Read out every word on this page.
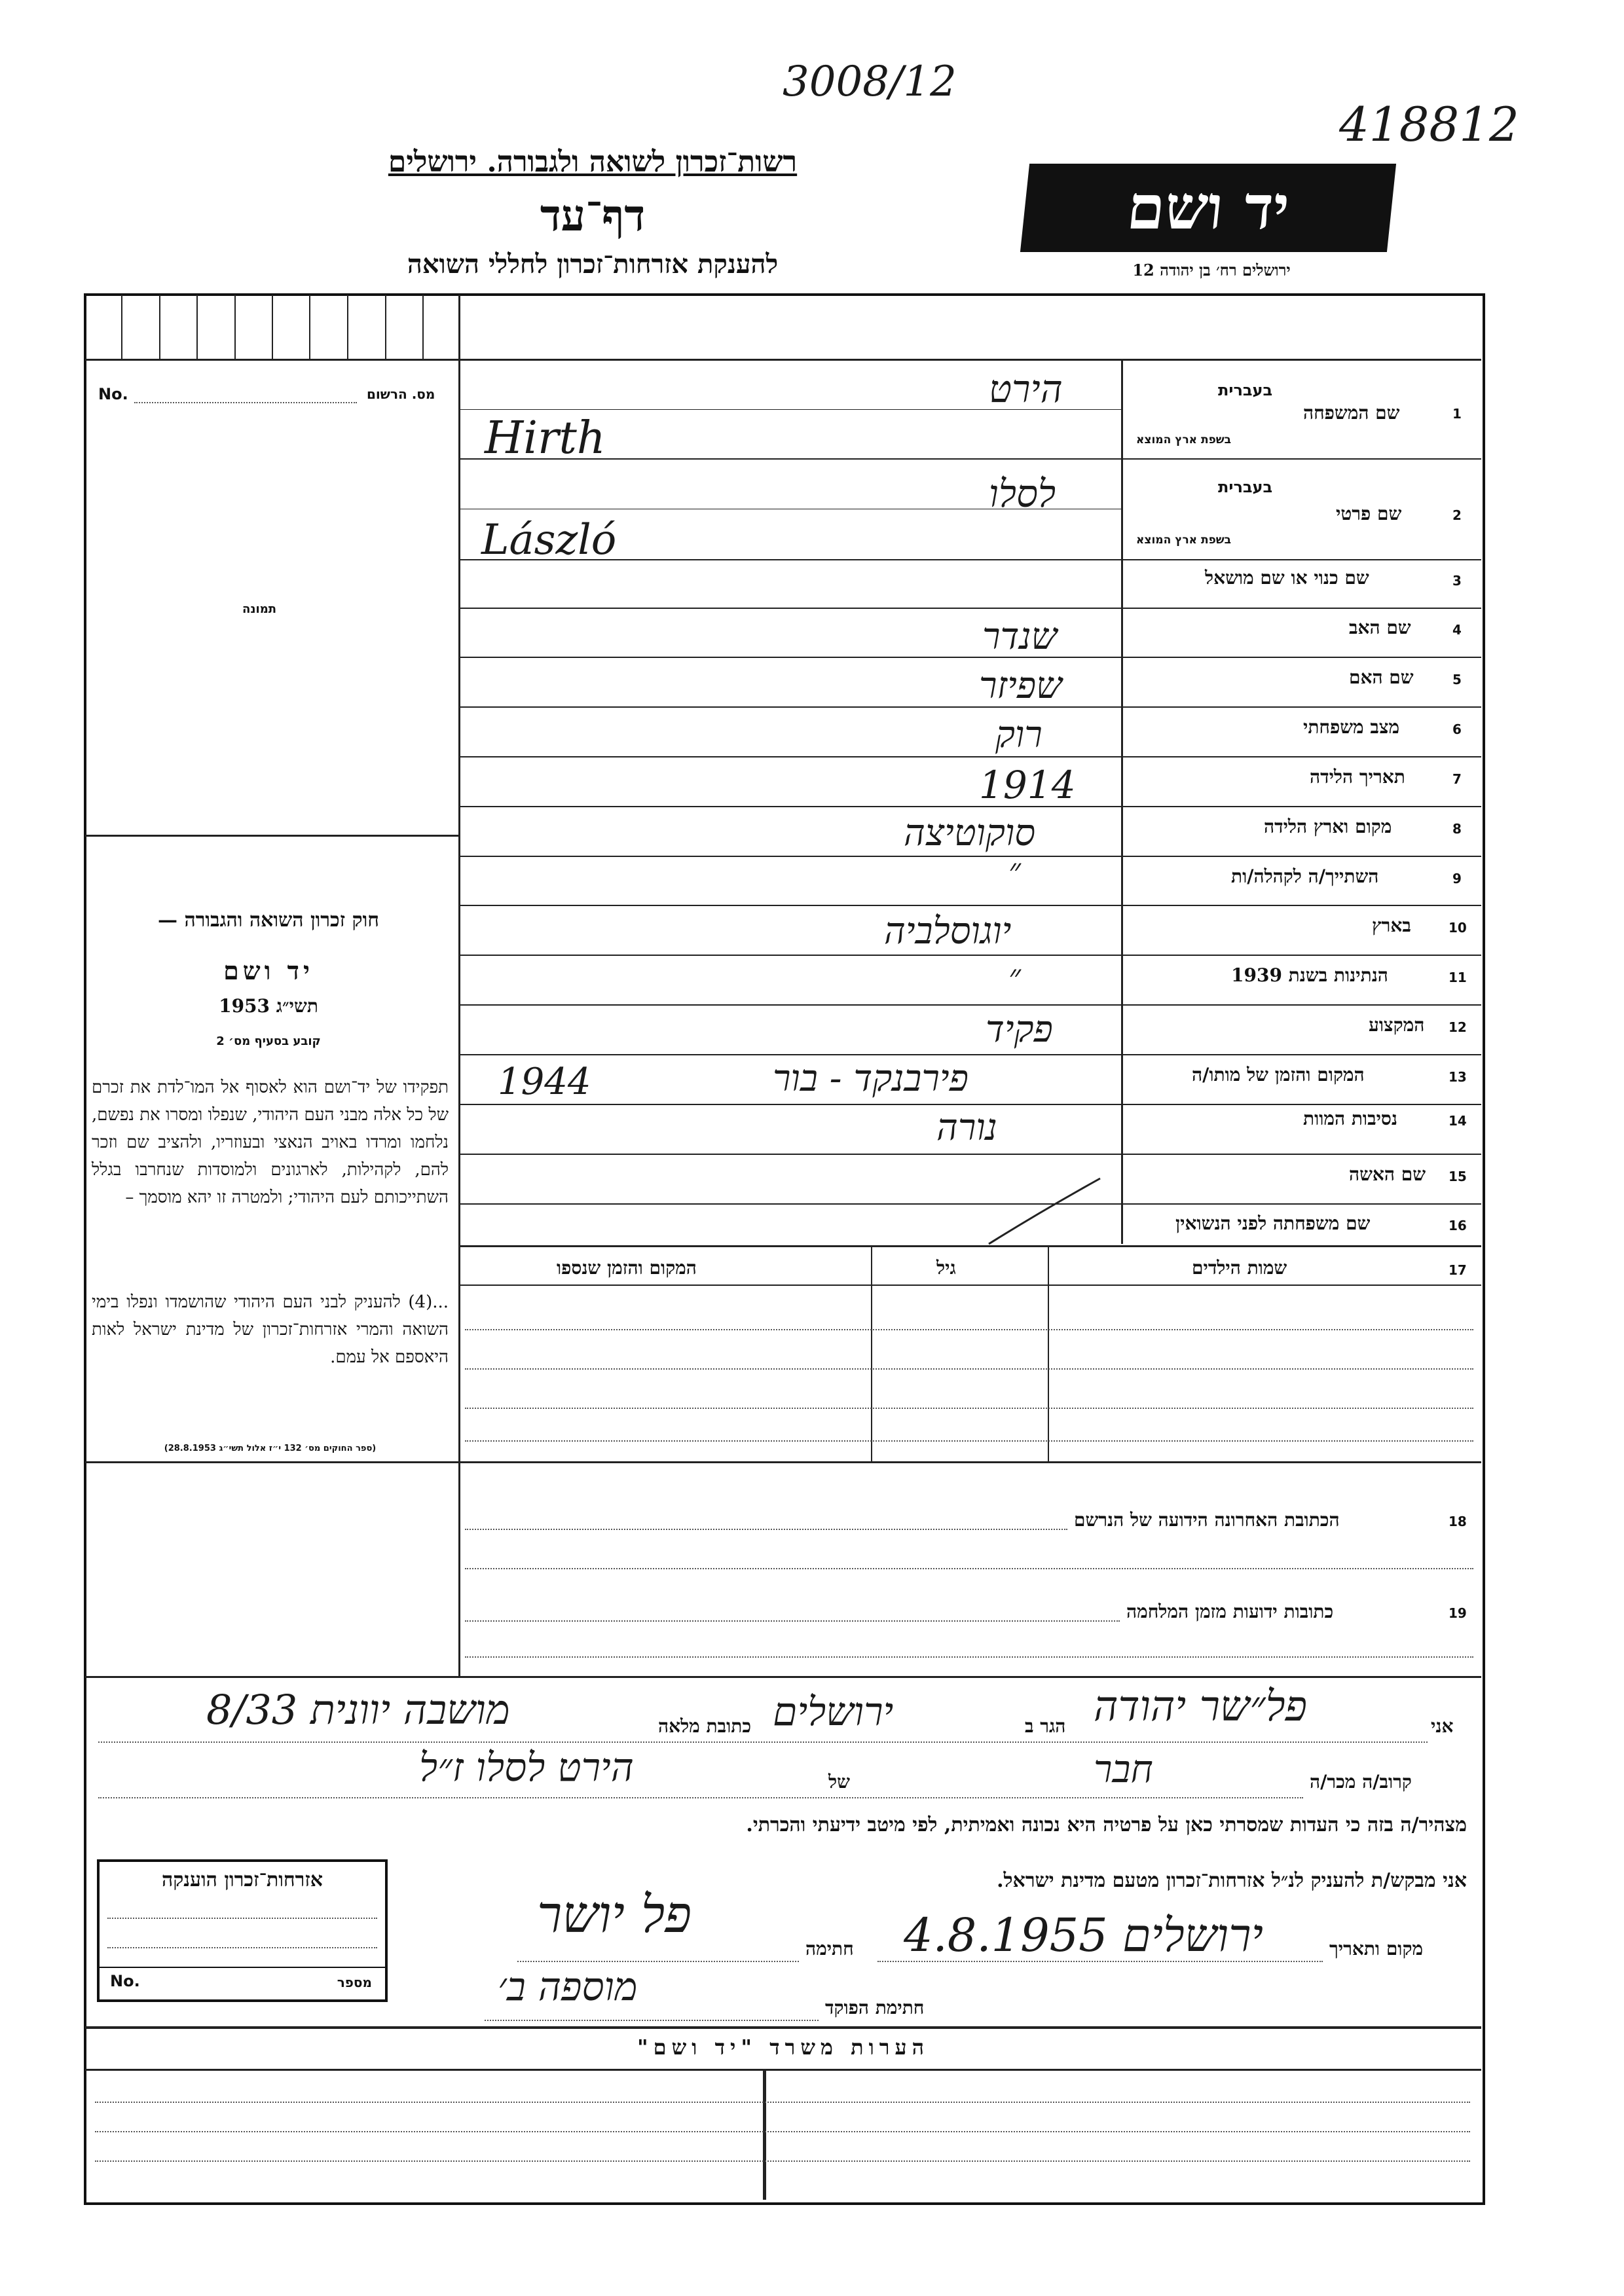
3008/12
418812
רשות־זכרון לשואה ולגבורה. ירושלים
דף־עד
להענקת אזרחות־זכרון לחללי השואה
יד ושם
ירושלים רח׳ בן יהודה 12
No.	מס. הרשום
תמונה
חוק זכרון השואה והגבורה —
יד ושם
תשי״ג 1953
קובע בסעיף מס׳ 2
תפקידו של יד־ושם הוא לאסוף אל המו־לדת את זכרם של כל אלה מבני העם היהודי, שנפלו ומסרו את נפשם, נלחמו ומרדו באויב הנאצי ובעוזריו, ולהציב שם וזכר להם, לקהילות, לארגונים ולמוסדות שנחרבו בגלל השתייכותם לעם היהודי; ולמטרה זו יהא מוסמך –
...(4) להעניק לבני העם היהודי שהושמדו ונפלו בימי השואה והמרי אזרחות־זכרון של מדינת ישראל לאות היאספם אל עמם.
(ספר החוקים מס׳ 132 י״ז אלול תשי״ג 28.8.1953)
1
שם המשפחה
בעברית
בשפת ארץ המוצא
הירט
Hirth
2
שם פרטי
בעברית
בשפת ארץ המוצא
לסלו
László
3
שם כנוי או שם מושאל
4
שם האב
שנדר
5
שם האם
שפיזר
6
מצב משפחתי
רוק
7
תאריך הלידה
1914
8
מקום וארץ הלידה
סוקוטיצה
9
השתייך/ה לקהלה/ות
״
10
בארץ
יוגוסלביה
11
הנתינות בשנת 1939
״
12
המקצוע
פקיד
13
המקום והזמן של מותו/ה
פירבנקד - בור
1944
14
נסיבות המוות
נורה
15
שם האשה
16
שם משפחתה לפני הנשואין
17
שמות הילדים
גיל
המקום והזמן שנספו
18
הכתובת האחרונה הידועה של הנרשם
19
כתובות ידועות מזמן המלחמה
אני
פל״שר יהודה
הגר ב
ירושלים
כתובת מלאה
מושבה יוונית 8/33
קרוב/ה מכר/ה
חבר
של
הירט לסלו ז״ל
מצהיר/ה בזה כי העדות שמסרתי כאן על פרטיה היא נכונה ואמיתית, לפי מיטב ידיעתי והכרתי.
אני מבקש/ת להעניק לנ״ל אזרחות־זכרון מטעם מדינת ישראל.
מקום ותאריך
ירושלים 4.8.1955
חתימה
פל יושר
חתימת הפוקד
מוספה ב׳
אזרחות־זכרון הוענקה
No.	מספר
הערות משרד "יד ושם"
